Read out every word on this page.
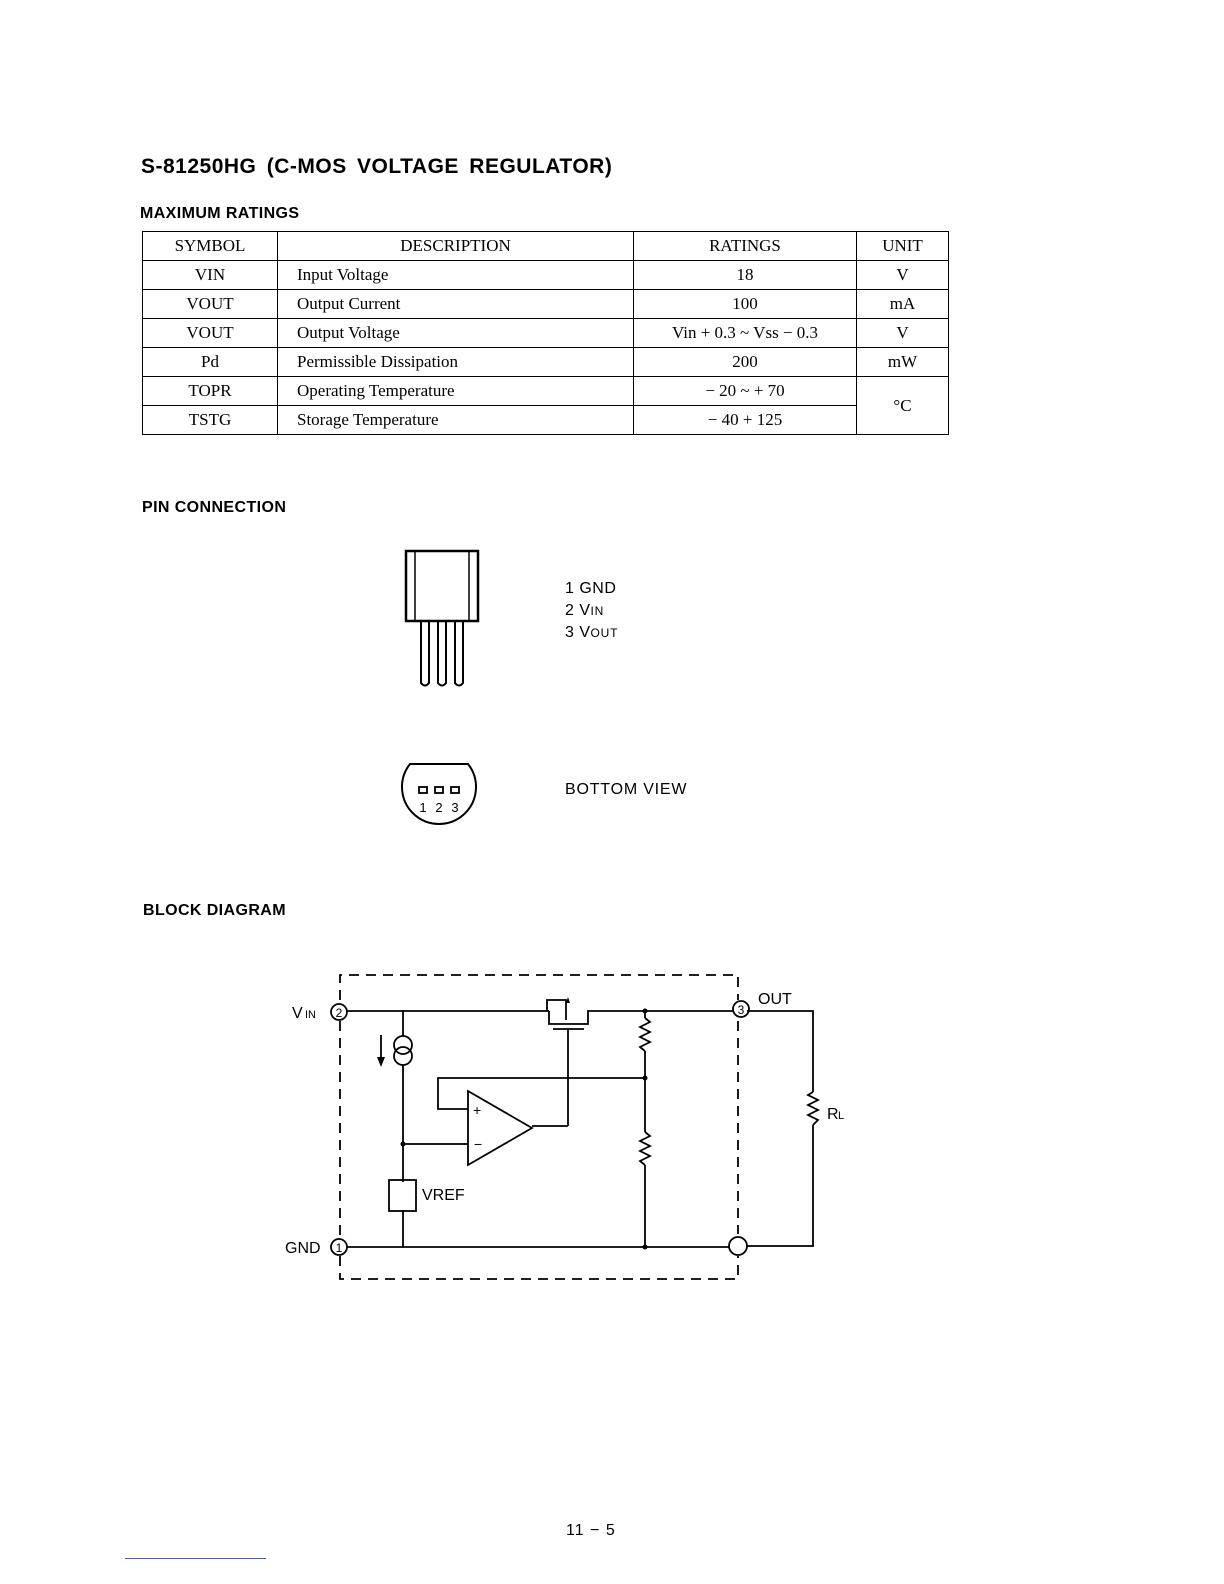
S-81250HG (C-MOS VOLTAGE REGULATOR)
MAXIMUM RATINGS
SYMBOL	DESCRIPTION	RATINGS	UNIT
VIN	Input Voltage	18	V
VOUT	Output Current	100	mA
VOUT	Output Voltage	Vin + 0.3 ~ Vss − 0.3	V
Pd	Permissible Dissipation	200	mW
TOPR	Operating Temperature	− 20 ~ + 70	°C
TSTG	Storage Temperature	− 40 + 125	
PIN CONNECTION
1 GND
2 VIN
3 VOUT
1 2 3
BOTTOM VIEW
BLOCK DIAGRAM
2	3
1
V IN
GND
OUT
VREF
R L
+
−
11 − 5
